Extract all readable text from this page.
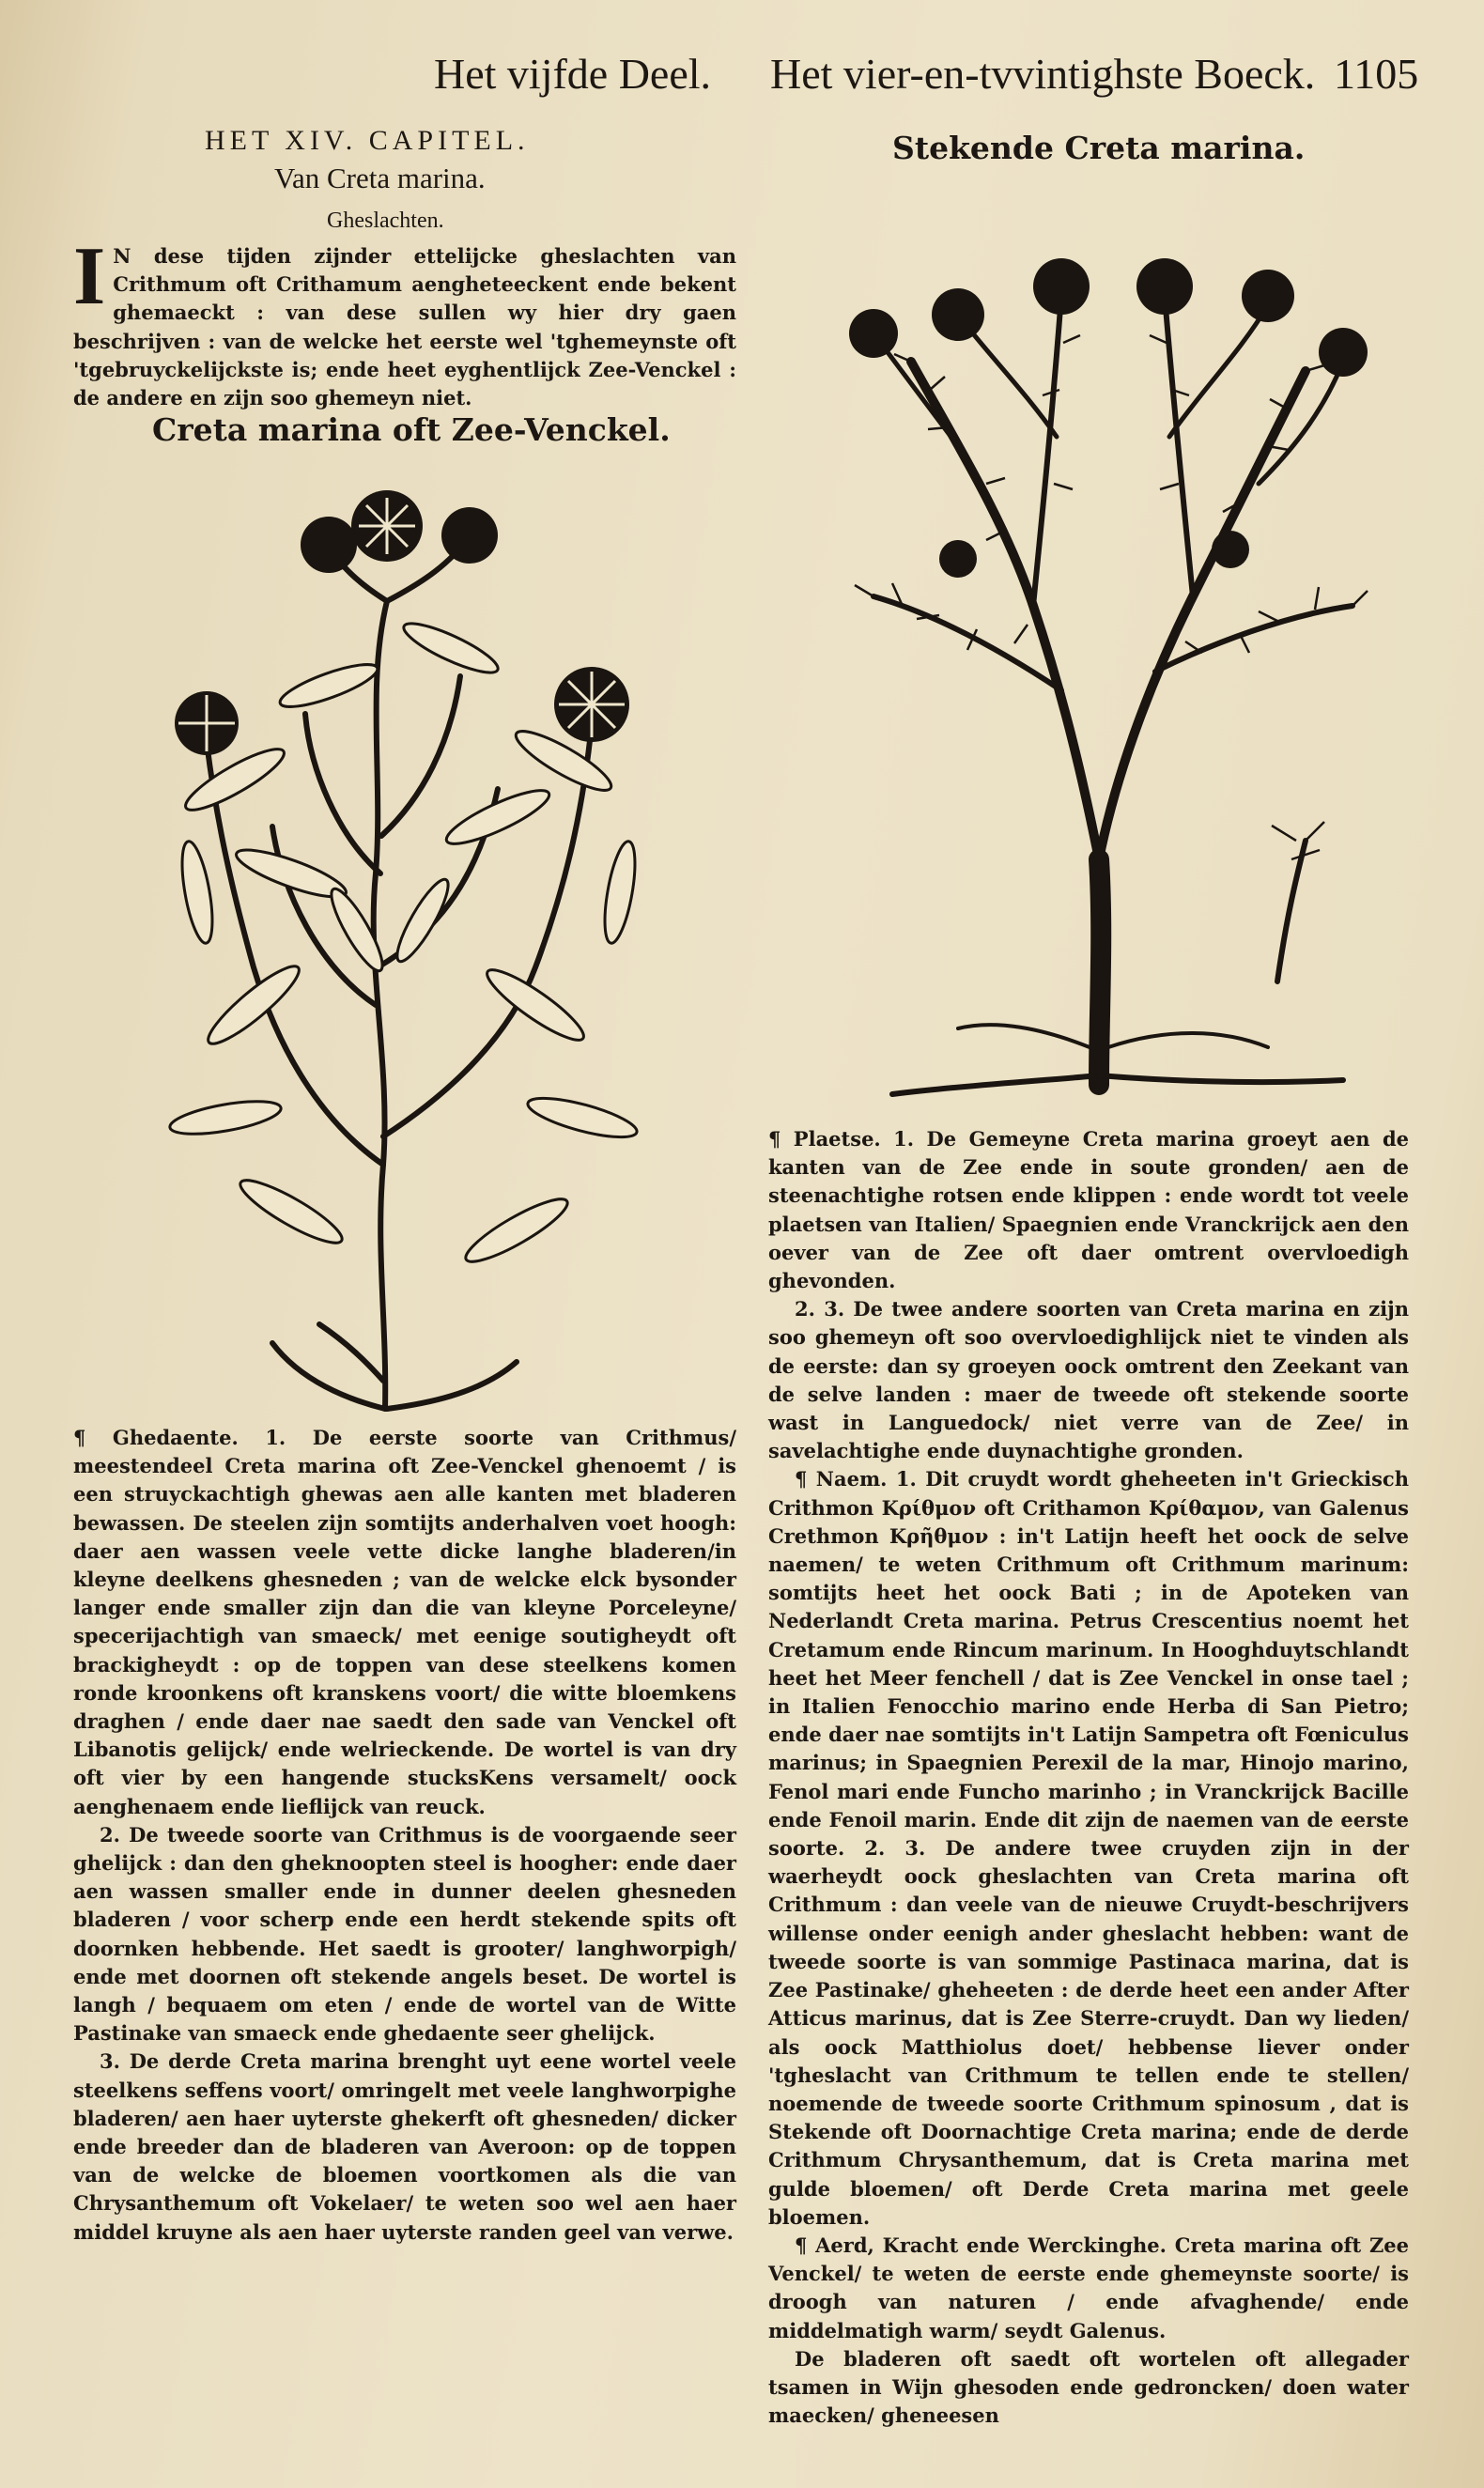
Het vijfde Deel. Het vier-en-tvvintighste Boeck. 1105
HET XIV. CAPITEL.
Van Creta marina.
Gheslachten.
I N dese tijden zijnder ettelijcke gheslachten van Crithmum oft Crithamum aengheteeckent ende bekent ghemaeckt : van dese sullen wy hier dry gaen beschrijven : van de welcke het eerste wel 'tghemeynste oft 'tgebruyckelijckste is; ende heet eyghentlijck Zee-Venckel : de andere en zijn soo ghemeyn niet.
Creta marina oft Zee-Venckel.

¶ Ghedaente. 1. De eerste soorte van Crithmus/ meestendeel Creta marina oft Zee-Venckel ghenoemt / is een struyckachtigh ghewas aen alle kanten met bladeren bewassen. De steelen zijn somtijts anderhalven voet hoogh: daer aen wassen veele vette dicke langhe bladeren/in kleyne deelkens ghesneden ; van de welcke elck bysonder langer ende smaller zijn dan die van kleyne Porceleyne/ specerijachtigh van smaeck/ met eenige soutigheydt oft brackigheydt : op de toppen van dese steelkens komen ronde kroonkens oft kranskens voort/ die witte bloemkens draghen / ende daer nae saedt den sade van Venckel oft Libanotis gelijck/ ende welrieckende. De wortel is van dry oft vier by een hangende stucksKens versamelt/ oock aenghenaem ende lieflijck van reuck.

2. De tweede soorte van Crithmus is de voorgaende seer ghelijck : dan den gheknoopten steel is hoogher: ende daer aen wassen smaller ende in dunner deelen ghesneden bladeren / voor scherp ende een herdt stekende spits oft doornken hebbende. Het saedt is grooter/ langhworpigh/ ende met doornen oft stekende angels beset. De wortel is langh / bequaem om eten / ende de wortel van de Witte Pastinake van smaeck ende ghedaente seer ghelijck.

3. De derde Creta marina brenght uyt eene wortel veele steelkens seffens voort/ omringelt met veele langhworpighe bladeren/ aen haer uyterste ghekerft oft ghesneden/ dicker ende breeder dan de bladeren van Averoon: op de toppen van de welcke de bloemen voortkomen als die van Chrysanthemum oft Vokelaer/ te weten soo wel aen haer middel kruyne als aen haer uyterste randen geel van verwe.

Stekende Creta marina.

¶ Plaetse. 1. De Gemeyne Creta marina groeyt aen de kanten van de Zee ende in soute gronden/ aen de steenachtighe rotsen ende klippen : ende wordt tot veele plaetsen van Italien/ Spaegnien ende Vranckrijck aen den oever van de Zee oft daer omtrent overvloedigh ghevonden.

2. 3. De twee andere soorten van Creta marina en zijn soo ghemeyn oft soo overvloedighlijck niet te vinden als de eerste: dan sy groeyen oock omtrent den Zeekant van de selve landen : maer de tweede oft stekende soorte wast in Languedock/ niet verre van de Zee/ in savelachtighe ende duynachtighe gronden.

¶ Naem. 1. Dit cruydt wordt gheheeten in't Grieckisch Crithmon Κρίθμον oft Crithamon Κρίθαμον, van Galenus Crethmon Κρῆθμον : in't Latijn heeft het oock de selve naemen/ te weten Crithmum oft Crithmum marinum: somtijts heet het oock Bati ; in de Apoteken van Nederlandt Creta marina. Petrus Crescentius noemt het Cretamum ende Rincum marinum. In Hooghduytschlandt heet het Meer fenchell / dat is Zee Venckel in onse tael ; in Italien Fenocchio marino ende Herba di San Pietro; ende daer nae somtijts in't Latijn Sampetra oft Fœniculus marinus; in Spaegnien Perexil de la mar, Hinojo marino, Fenol mari ende Funcho marinho ; in Vranckrijck Bacille ende Fenoil marin. Ende dit zijn de naemen van de eerste soorte. 2. 3. De andere twee cruyden zijn in der waerheydt oock gheslachten van Creta marina oft Crithmum : dan veele van de nieuwe Cruydt-beschrijvers willense onder eenigh ander gheslacht hebben: want de tweede soorte is van sommige Pastinaca marina, dat is Zee Pastinake/ gheheeten : de derde heet een ander After Atticus marinus, dat is Zee Sterre-cruydt. Dan wy lieden/ als oock Matthiolus doet/ hebbense liever onder 'tgheslacht van Crithmum te tellen ende te stellen/ noemende de tweede soorte Crithmum spinosum , dat is Stekende oft Doornachtige Creta marina; ende de derde Crithmum Chrysanthemum, dat is Creta marina met gulde bloemen/ oft Derde Creta marina met geele bloemen.

¶ Aerd, Kracht ende Werckinghe. Creta marina oft Zee Venckel/ te weten de eerste ende ghemeynste soorte/ is droogh van naturen / ende afvaghende/ ende middelmatigh warm/ seydt Galenus.

De bladeren oft saedt oft wortelen oft allegader tsamen in Wijn ghesoden ende gedroncken/ doen water maecken/ gheneesen
